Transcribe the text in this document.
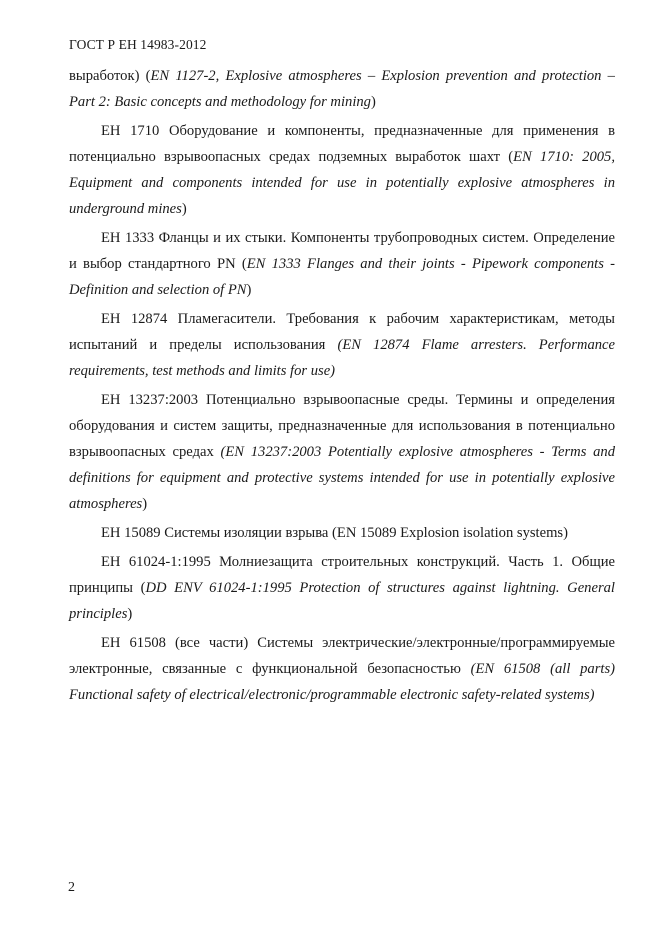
ГОСТ Р ЕН 14983-2012

выработок) (EN 1127-2, Explosive atmospheres – Explosion prevention and protection – Part 2: Basic concepts and methodology for mining)

ЕН 1710 Оборудование и компоненты, предназначенные для применения в потенциально взрывоопасных средах подземных выработок шахт (EN 1710: 2005, Equipment and components intended for use in potentially explosive atmospheres in underground mines)

ЕН 1333 Фланцы и их стыки. Компоненты трубопроводных систем. Определение и выбор стандартного PN (EN 1333 Flanges and their joints - Pipework components - Definition and selection of PN)

ЕН 12874 Пламегасители. Требования к рабочим характеристикам, методы испытаний и пределы использования (EN 12874 Flame arresters. Performance requirements, test methods and limits for use)

ЕН 13237:2003 Потенциально взрывоопасные среды. Термины и определения оборудования и систем защиты, предназначенные для использования в потенциально взрывоопасных средах (EN 13237:2003 Potentially explosive atmospheres - Terms and definitions for equipment and protective systems intended for use in potentially explosive atmospheres)

ЕН 15089 Системы изоляции взрыва (EN 15089 Explosion isolation systems)

ЕН 61024-1:1995 Молниезащита строительных конструкций. Часть 1. Общие принципы (DD ENV 61024-1:1995 Protection of structures against lightning. General principles)

ЕН 61508 (все части) Системы электрические/электронные/программируемые электронные, связанные с функциональной безопасностью (EN 61508 (all parts) Functional safety of electrical/electronic/programmable electronic safety-related systems)

2
